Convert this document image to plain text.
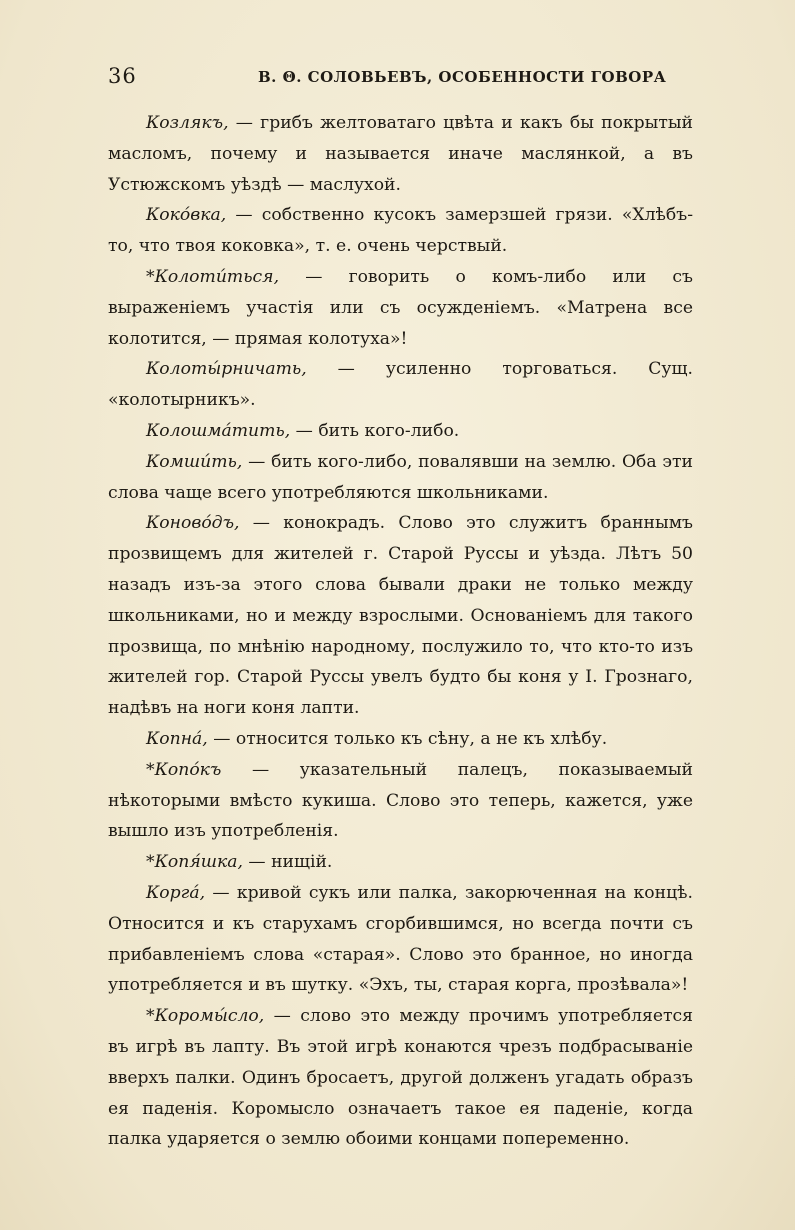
36	В. Θ. СОЛОВЬЕВЪ, ОСОБЕННОСТИ ГОВОРА

Козлякъ, — грибъ желтоватаго цвѣта и какъ бы покрытый масломъ, почему и называется иначе маслянкой, а въ Устюжскомъ уѣздѣ — маслухой.

Коко́вка, — собственно кусокъ замерзшей грязи. «Хлѣбъ-то, что твоя коковка», т. е. очень черствый.

*Колоти́ться, — говорить о комъ-либо или съ выраженіемъ участія или съ осужденіемъ. «Матрена все колотится, — прямая колотуха»!

Колоты́рничать, — усиленно торговаться. Сущ. «колотырникъ».

Колошма́тить, — бить кого-либо.

Комши́ть, — бить кого-либо, повалявши на землю. Оба эти слова чаще всего употребляются школьниками.

Коново́дъ, — конокрадъ. Слово это служитъ браннымъ прозвищемъ для жителей г. Старой Руссы и уѣзда. Лѣтъ 50 назадъ изъ-за этого слова бывали драки не только между школьниками, но и между взрослыми. Основаніемъ для такого прозвища, по мнѣнію народному, послужило то, что кто-то изъ жителей гор. Старой Руссы увелъ будто бы коня у І. Грознаго, надѣвъ на ноги коня лапти.

Копна́, — относится только къ сѣну, а не къ хлѣбу.

*Копо́къ — указательный палецъ, показываемый нѣкоторыми вмѣсто кукиша. Слово это теперь, кажется, уже вышло изъ употребленія.

*Копя́шка, — нищій.

Корга́, — кривой сукъ или палка, закорюченная на концѣ. Относится и къ старухамъ сгорбившимся, но всегда почти съ прибавленіемъ слова «старая». Слово это бранное, но иногда употребляется и въ шутку. «Эхъ, ты, старая корга, прозѣвала»!

*Коромы́сло, — слово это между прочимъ употребляется въ игрѣ въ лапту. Въ этой игрѣ конаются чрезъ подбрасываніе вверхъ палки. Одинъ бросаетъ, другой долженъ угадать образъ ея паденія. Коромысло означаетъ такое ея паденіе, когда палка ударяется о землю обоими концами попеременно.
